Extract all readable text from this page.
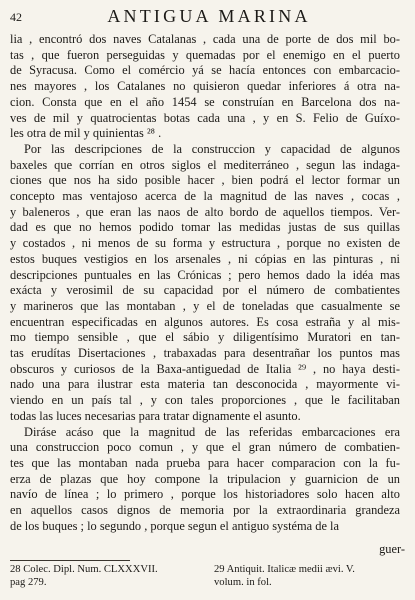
42	ANTIGUA MARINA
lia , encontró dos naves Catalanas , cada una de porte de dos mil bo-
tas , que fueron perseguidas y quemadas por el enemigo en el puerto
de Syracusa. Como el comércio yá se hacía entonces con embarcacio-
nes mayores , los Catalanes no quisieron quedar inferiores á otra na-
cion. Consta que en el año 1454 se construían en Barcelona dos na-
ves de mil y quatrocientas botas cada una , y en S. Felio de Guíxo-
les otra de mil y quinientas ²⁸ .
Por las descripciones de la construccion y capacidad de algunos
baxeles que corrían en otros siglos el mediterráneo , segun las indaga-
ciones que nos ha sido posible hacer , bien podrá el lector formar un
concepto mas ventajoso acerca de la magnitud de las naves , cocas ,
y baleneros , que eran las naos de alto bordo de aquellos tiempos. Ver-
dad es que no hemos podido tomar las medidas justas de sus quillas
y costados , ni menos de su forma y estructura , porque no existen de
estos buques vestigios en los arsenales , ni cópias en las pinturas , ni
descripciones puntuales en las Crónicas ; pero hemos dado la idéa mas
exácta y verosimil de su capacidad por el número de combatientes
y marineros que las montaban , y el de toneladas que casualmente se
encuentran especificadas en algunos autores. Es cosa estraña y al mis-
mo tiempo sensible , que el sábio y diligentísimo Muratori en tan-
tas erudítas Disertaciones , trabaxadas para desentrañar los puntos mas
obscuros y curiosos de la Baxa-antiguedad de Italia ²⁹ , no haya desti-
nado una para ilustrar esta materia tan desconocida , mayormente vi-
viendo en un país tal , y con tales proporciones , que le facilitaban
todas las luces necesarias para tratar dignamente el asunto.
Diráse acáso que la magnitud de las referidas embarcaciones era
una construccion poco comun , y que el gran número de combatien-
tes que las montaban nada prueba para hacer comparacion con la fu-
erza de plazas que hoy compone la tripulacion y guarnicion de un
navío de línea ; lo primero , porque los historiadores solo hacen alto
en aquellos casos dignos de memoria por la extraordinaria grandeza
de los buques ; lo segundo , porque segun el antiguo systéma de la
guer-
28 Colec. Dipl. Num. CLXXXVII.
pag 279.
29 Antiquit. Italicæ medii ævi. V.
volum. in fol.
